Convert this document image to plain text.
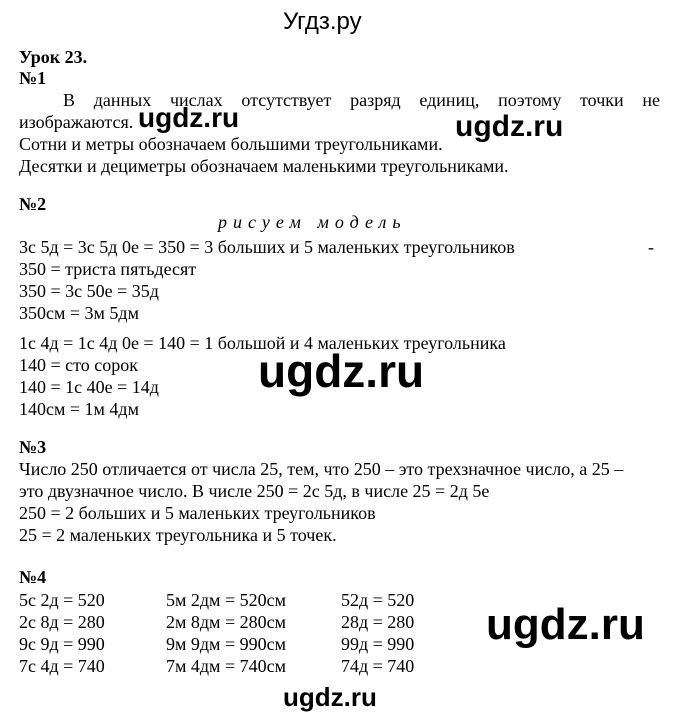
Угдз.ру
Урок 23.
№1
В данных числах отсутствует разряд единиц, поэтому точки не
изображаются.
Сотни и метры обозначаем большими треугольниками.
Десятки и дециметры обозначаем маленькими треугольниками.
№2
рисуем модель
3с 5д = 3с 5д 0е = 350 = 3 больших и 5 маленьких треугольников	-
350 = триста пятьдесят
350 = 3с 50е = 35д
350см = 3м 5дм
1с 4д = 1с 4д 0е = 140 = 1 большой и 4 маленьких треугольника
140 = сто сорок
140 = 1с 40е = 14д
140см = 1м 4дм
№3
Число 250 отличается от числа 25, тем, что 250 – это трехзначное число, а 25 –
это двузначное число. В числе 250 = 2с 5д, в числе 25 = 2д 5е
250 = 2 больших и 5 маленьких треугольников
25 = 2 маленьких треугольника и 5 точек.
№4
5с 2д = 520	5м 2дм = 520см	52д = 520
2с 8д = 280	2м 8дм = 280см	28д = 280
9с 9д = 990	9м 9дм = 990см	99д = 990
7с 4д = 740	7м 4дм = 740см	74д = 740
ugdz.ru	ugdz.ru
ugdz.ru
ugdz.ru
ugdz.ru
